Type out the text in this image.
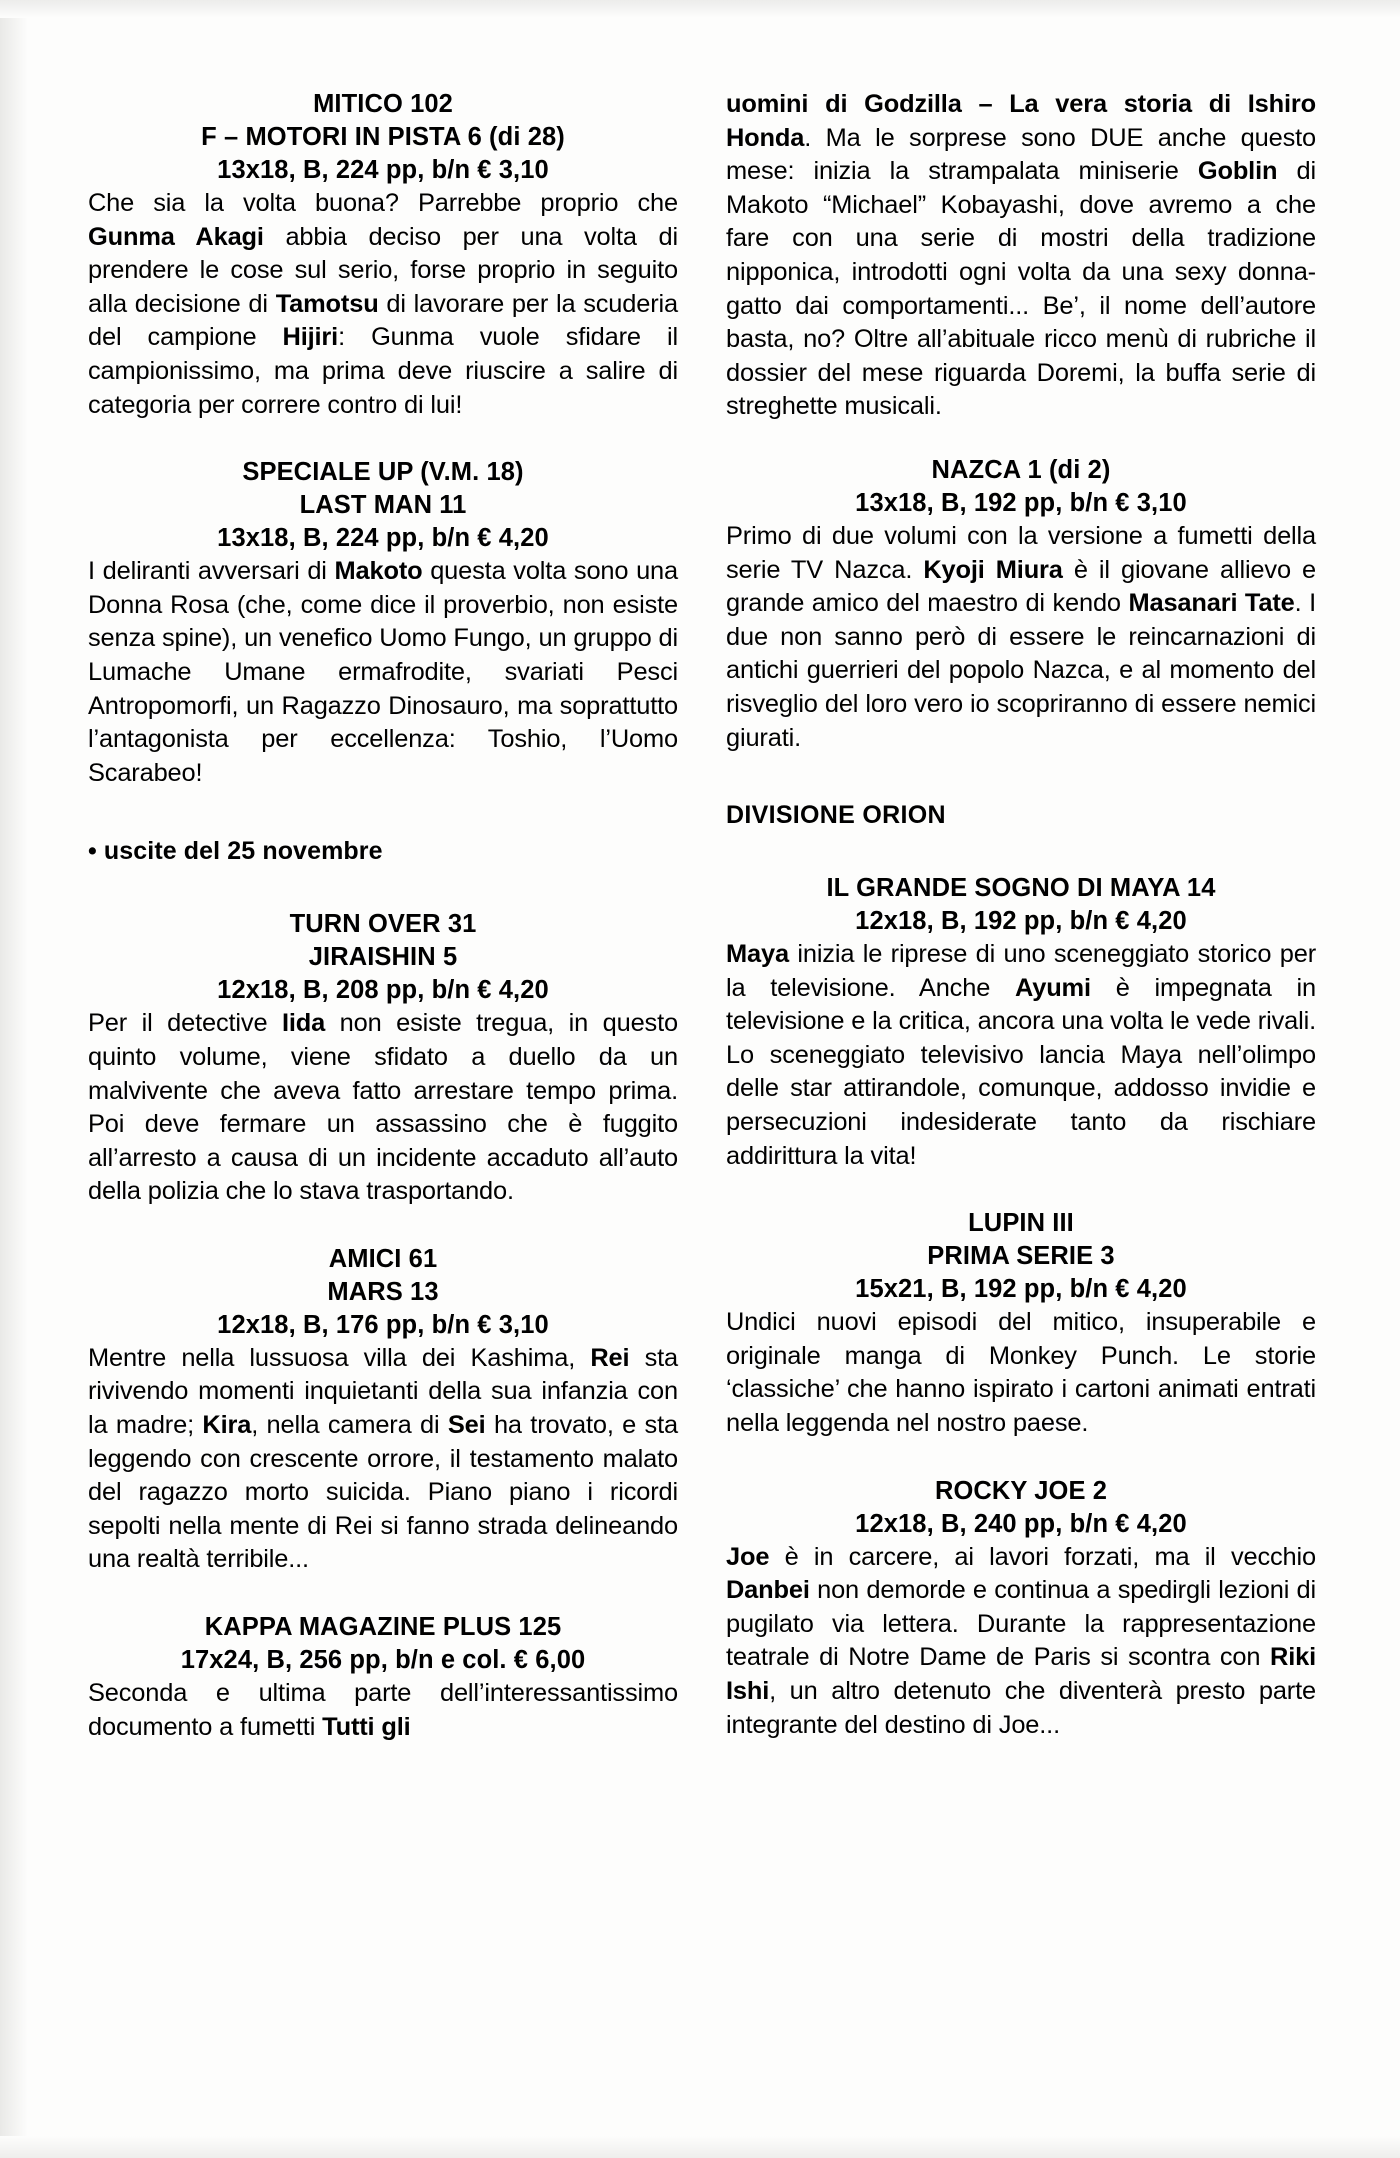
MITICO 102
F – MOTORI IN PISTA 6 (di 28)
13x18, B, 224 pp, b/n € 3,10

Che sia la volta buona? Parrebbe proprio che Gunma Akagi abbia deciso per una volta di prendere le cose sul serio, forse proprio in seguito alla decisione di Tamotsu di lavorare per la scuderia del campione Hijiri: Gunma vuole sfidare il campionissimo, ma prima deve riuscire a salire di categoria per correre contro di lui!

SPECIALE UP (V.M. 18)
LAST MAN 11
13x18, B, 224 pp, b/n € 4,20

I deliranti avversari di Makoto questa volta sono una Donna Rosa (che, come dice il proverbio, non esiste senza spine), un venefico Uomo Fungo, un gruppo di Lumache Umane ermafrodite, svariati Pesci Antropomorfi, un Ragazzo Dinosauro, ma soprattutto l’antagonista per eccellenza: Toshio, l’Uomo Scarabeo!

• uscite del 25 novembre
TURN OVER 31
JIRAISHIN 5
12x18, B, 208 pp, b/n € 4,20

Per il detective Iida non esiste tregua, in questo quinto volume, viene sfidato a duello da un malvivente che aveva fatto arrestare tempo prima. Poi deve fermare un assassino che è fuggito all’arresto a causa di un incidente accaduto all’auto della polizia che lo stava trasportando.

AMICI 61
MARS 13
12x18, B, 176 pp, b/n € 3,10

Mentre nella lussuosa villa dei Kashima, Rei sta rivivendo momenti inquietanti della sua infanzia con la madre; Kira, nella camera di Sei ha trovato, e sta leggendo con crescente orrore, il testamento malato del ragazzo morto suicida. Piano piano i ricordi sepolti nella mente di Rei si fanno strada delineando una realtà terribile...

KAPPA MAGAZINE PLUS 125
17x24, B, 256 pp, b/n e col. € 6,00

Seconda e ultima parte dell’interessantissimo documento a fumetti Tutti gli

uomini di Godzilla – La vera storia di Ishiro Honda. Ma le sorprese sono DUE anche questo mese: inizia la strampalata miniserie Goblin di Makoto “Michael” Kobayashi, dove avremo a che fare con una serie di mostri della tradizione nipponica, introdotti ogni volta da una sexy donna-gatto dai comportamenti... Be’, il nome dell’autore basta, no? Oltre all’abituale ricco menù di rubriche il dossier del mese riguarda Doremi, la buffa serie di streghette musicali.

NAZCA 1 (di 2)
13x18, B, 192 pp, b/n € 3,10

Primo di due volumi con la versione a fumetti della serie TV Nazca. Kyoji Miura è il giovane allievo e grande amico del maestro di kendo Masanari Tate. I due non sanno però di essere le reincarnazioni di antichi guerrieri del popolo Nazca, e al momento del risveglio del loro vero io scopriranno di essere nemici giurati.

DIVISIONE ORION
IL GRANDE SOGNO DI MAYA 14
12x18, B, 192 pp, b/n € 4,20

Maya inizia le riprese di uno sceneggiato storico per la televisione. Anche Ayumi è impegnata in televisione e la critica, ancora una volta le vede rivali. Lo sceneggiato televisivo lancia Maya nell’olimpo delle star attirandole, comunque, addosso invidie e persecuzioni indesiderate tanto da rischiare addirittura la vita!

LUPIN III
PRIMA SERIE 3
15x21, B, 192 pp, b/n € 4,20

Undici nuovi episodi del mitico, insuperabile e originale manga di Monkey Punch. Le storie ‘classiche’ che hanno ispirato i cartoni animati entrati nella leggenda nel nostro paese.

ROCKY JOE 2
12x18, B, 240 pp, b/n € 4,20

Joe è in carcere, ai lavori forzati, ma il vecchio Danbei non demorde e continua a spedirgli lezioni di pugilato via lettera. Durante la rappresentazione teatrale di Notre Dame de Paris si scontra con Riki Ishi, un altro detenuto che diventerà presto parte integrante del destino di Joe...
